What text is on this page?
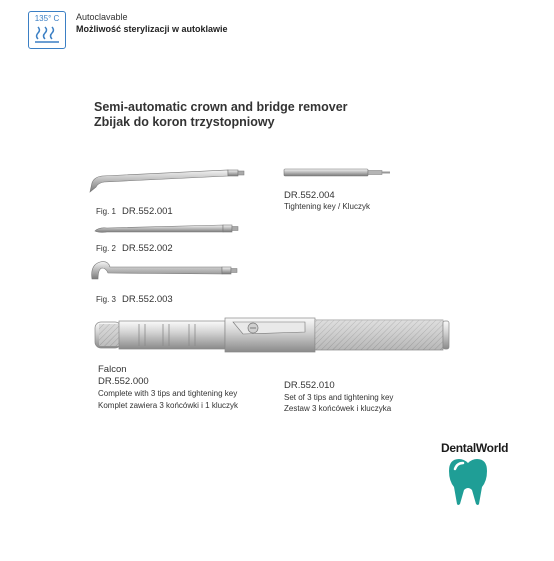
135° C	Autoclavable
Możliwość sterylizacji w autoklawie
Semi-automatic crown and bridge remover
Zbijak do koron trzystopniowy
Fig. 1 DR.552.001
Fig. 2 DR.552.002
Fig. 3 DR.552.003
DR.552.004
Tightening key / Kluczyk
Falcon
DR.552.000
Complete with 3 tips and tightening key
Komplet zawiera 3 końcówki i 1 kluczyk
DR.552.010
Set of 3 tips and tightening key
Zestaw 3 końcówek i kluczyka
DentalWorld
